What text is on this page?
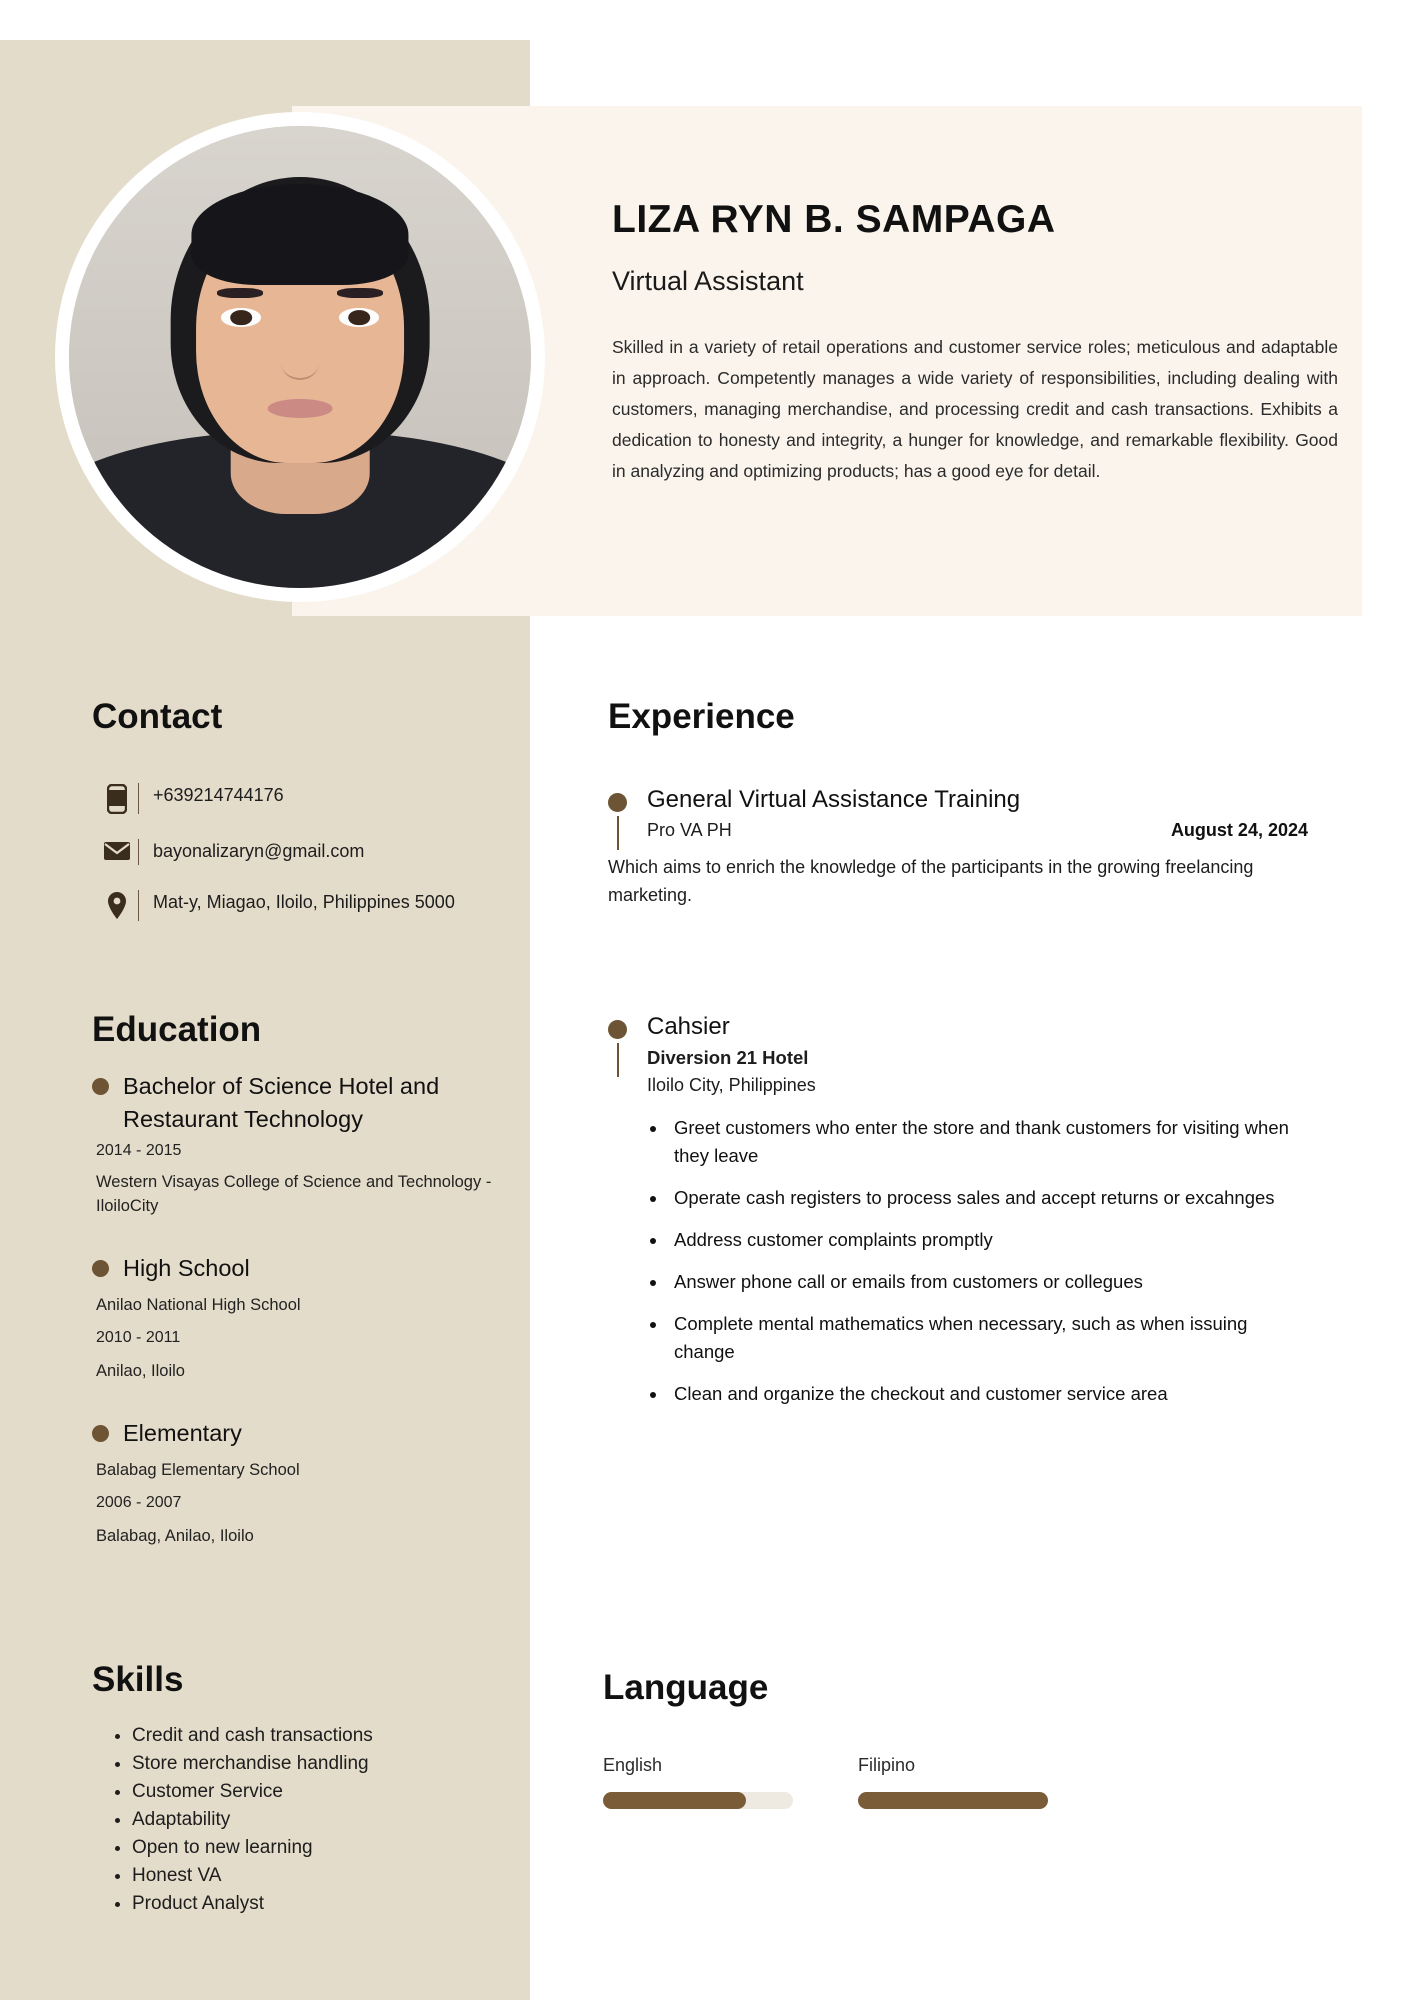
LIZA RYN B. SAMPAGA
Virtual Assistant
Skilled in a variety of retail operations and customer service roles; meticulous and adaptable in approach. Competently manages a wide variety of responsibilities, including dealing with customers, managing merchandise, and processing credit and cash transactions. Exhibits a dedication to honesty and integrity, a hunger for knowledge, and remarkable flexibility. Good in analyzing and optimizing products; has a good eye for detail.
Contact
+639214744176
bayonalizaryn@gmail.com
Mat-y, Miagao, Iloilo, Philippines 5000
Education
Bachelor of Science Hotel and Restaurant Technology
2014 - 2015
Western Visayas College of Science and Technology - IloiloCity
High School
Anilao National High School
2010 - 2011
Anilao, Iloilo
Elementary
Balabag Elementary School
2006 - 2007
Balabag, Anilao, Iloilo
Skills
• Credit and cash transactions
• Store merchandise handling
• Customer Service
• Adaptability
• Open to new learning
• Honest VA
• Product Analyst
Experience
General Virtual Assistance Training
Pro VA PH	August 24, 2024
Which aims to enrich the knowledge of the participants in the growing freelancing marketing.
Cahsier
Diversion 21 Hotel
Iloilo City, Philippines
• Greet customers who enter the store and thank customers for visiting when they leave
• Operate cash registers to process sales and accept returns or excahnges
• Address customer complaints promptly
• Answer phone call or emails from customers or collegues
• Complete mental mathematics when necessary, such as when issuing change
• Clean and organize the checkout and customer service area
Language
English	Filipino
